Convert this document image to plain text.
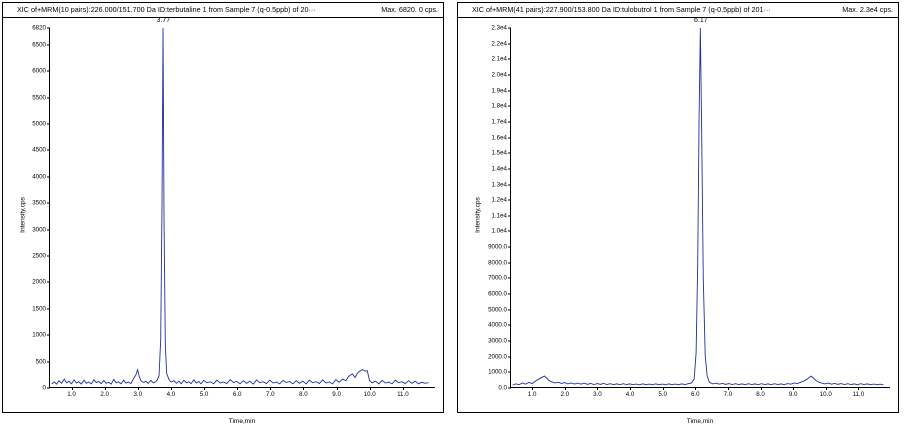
XIC of+MRM(10 pairs):226.000/151.700 Da ID:terbutaline 1 from Sample 7 (q-0.5ppb) of 20···	Max. 6820. 0 cps.
Intensity,cps
0
500
1000
1500
2000
2500
3000
3500
4000
4500
5000
5500
6000
6500
6820
1.0	2.0	3.0	4.0	5.0	6.0	7.0	8.0	9.0	10.0	11.0
3.77
Time,min
XIC of+MRM(41 pairs):227.900/153.800 Da ID:tulobutrol 1 from Sample 7 (q-0.5ppb) of 201···	Max. 2.3e4 cps.
Intensity,cps
0.0
1000.0
2000.0
3000.0
4000.0
5000.0
6000.0
7000.0
8000.0
9000.0
1.0e4
1.1e4
1.2e4
1.3e4
1.4e4
1.5e4
1.6e4
1.7e4
1.8e4
1.9e4
2.0e4
2.1e4
2.2e4
2.3e4
1.0	2.0	3.0	4.0	5.0	6.0	7.0	8.0	9.0	10.0	11.0
6.17
Time,min
